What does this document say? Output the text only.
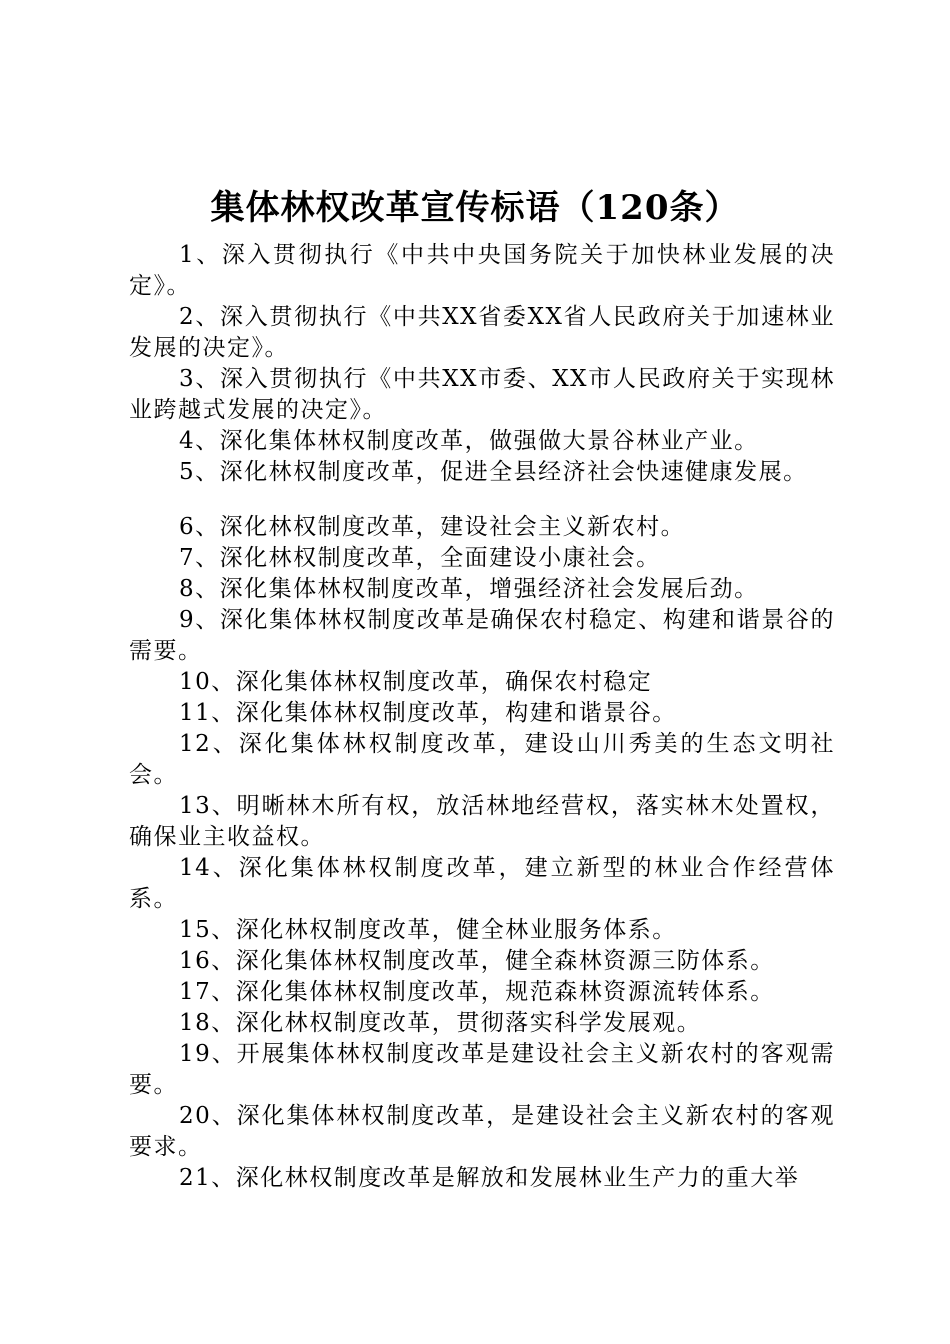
集体林权改革宣传标语（120条）

1、深入贯彻执行《中共中央国务院关于加快林业发展的决定》。

2、深入贯彻执行《中共XX省委XX省人民政府关于加速林业发展的决定》。

3、深入贯彻执行《中共XX市委、XX市人民政府关于实现林业跨越式发展的决定》。

4、深化集体林权制度改革，做强做大景谷林业产业。

5、深化林权制度改革，促进全县经济社会快速健康发展。

6、深化林权制度改革，建设社会主义新农村。

7、深化林权制度改革，全面建设小康社会。

8、深化集体林权制度改革，增强经济社会发展后劲。

9、深化集体林权制度改革是确保农村稳定、构建和谐景谷的需要。

10、深化集体林权制度改革，确保农村稳定

11、深化集体林权制度改革，构建和谐景谷。

12、深化集体林权制度改革，建设山川秀美的生态文明社会。

13、明晰林木所有权，放活林地经营权，落实林木处置权，确保业主收益权。

14、深化集体林权制度改革，建立新型的林业合作经营体系。

15、深化林权制度改革，健全林业服务体系。

16、深化集体林权制度改革，健全森林资源三防体系。

17、深化集体林权制度改革，规范森林资源流转体系。

18、深化林权制度改革，贯彻落实科学发展观。

19、开展集体林权制度改革是建设社会主义新农村的客观需要。

20、深化集体林权制度改革，是建设社会主义新农村的客观要求。

21、深化林权制度改革是解放和发展林业生产力的重大举
